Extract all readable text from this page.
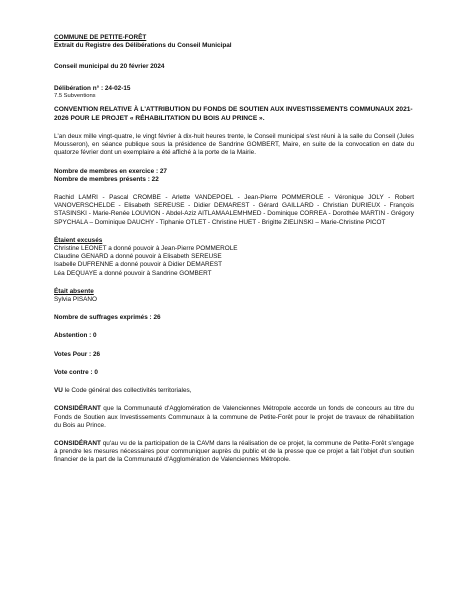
COMMUNE DE PETITE-FORÊT

Extrait du Registre des Délibérations du Conseil Municipal

Conseil municipal du 20 février 2024

Délibération n° : 24-02-15

7.5 Subventions

CONVENTION RELATIVE À L'ATTRIBUTION DU FONDS DE SOUTIEN AUX INVESTISSEMENTS COMMUNAUX 2021-2026 POUR LE PROJET « RÉHABILITATION DU BOIS AU PRINCE ».

L'an deux mille vingt-quatre, le vingt février à dix-huit heures trente, le Conseil municipal s'est réuni à la salle du Conseil (Jules Mousseron), en séance publique sous la présidence de Sandrine GOMBERT, Maire, en suite de la convocation en date du quatorze février dont un exemplaire a été affiché à la porte de la Mairie.

Nombre de membres en exercice : 27

Nombre de membres présents : 22

Rachid LAMRI - Pascal CROMBE - Arlette VANDEPOEL - Jean-Pierre POMMEROLE - Véronique JOLY - Robert VANOVERSCHELDE - Elisabeth SEREUSE - Didier DEMAREST - Gérard GAILLARD - Christian DURIEUX - François STASINSKI - Marie-Renée LOUVION - Abdel-Aziz AITLAMAALEMHMED - Dominique CORREA - Dorothée MARTIN - Grégory SPYCHALA – Dominique DAUCHY - Tiphanie OTLET - Christine HUET - Brigitte ZIELINSKI – Marie-Christine PICOT

Étaient excusés

Christine LEONET a donné pouvoir à Jean-Pierre POMMEROLE

Claudine GENARD a donné pouvoir à Elisabeth SEREUSE

Isabelle DUFRENNE a donné pouvoir à Didier DEMAREST

Léa DEQUAYE a donné pouvoir à Sandrine GOMBERT

Était absente

Sylvia PISANO

Nombre de suffrages exprimés : 26

Abstention : 0

Votes Pour : 26

Vote contre : 0

VU le Code général des collectivités territoriales,

CONSIDÉRANT que la Communauté d'Agglomération de Valenciennes Métropole accorde un fonds de concours au titre du Fonds de Soutien aux Investissements Communaux à la commune de Petite-Forêt pour le projet de travaux de réhabilitation du Bois au Prince.

CONSIDÉRANT qu'au vu de la participation de la CAVM dans la réalisation de ce projet, la commune de Petite-Forêt s'engage à prendre les mesures nécessaires pour communiquer auprès du public et de la presse que ce projet a fait l'objet d'un soutien financier de la part de la Communauté d'Agglomération de Valenciennes Métropole.
